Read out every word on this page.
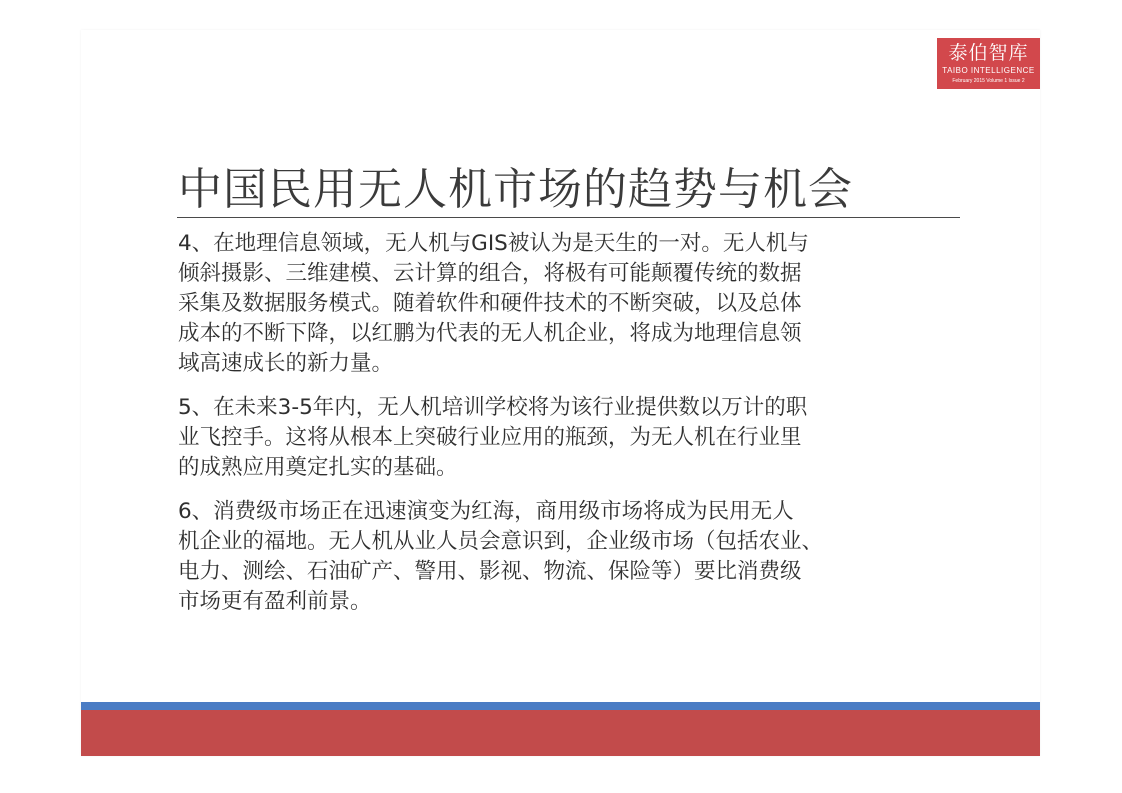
泰伯智库
TAIBO INTELLIGENCE
February 2015 Volume 1 Issue 2
中国民用无人机市场的趋势与机会
4、在地理信息领域，无人机与GIS被认为是天生的一对。无人机与
倾斜摄影、三维建模、云计算的组合，将极有可能颠覆传统的数据
采集及数据服务模式。随着软件和硬件技术的不断突破，以及总体
成本的不断下降，以红鹏为代表的无人机企业，将成为地理信息领
域高速成长的新力量。
5、在未来3-5年内，无人机培训学校将为该行业提供数以万计的职
业飞控手。这将从根本上突破行业应用的瓶颈，为无人机在行业里
的成熟应用奠定扎实的基础。
6、消费级市场正在迅速演变为红海，商用级市场将成为民用无人
机企业的福地。无人机从业人员会意识到，企业级市场（包括农业、
电力、测绘、石油矿产、警用、影视、物流、保险等）要比消费级
市场更有盈利前景。
